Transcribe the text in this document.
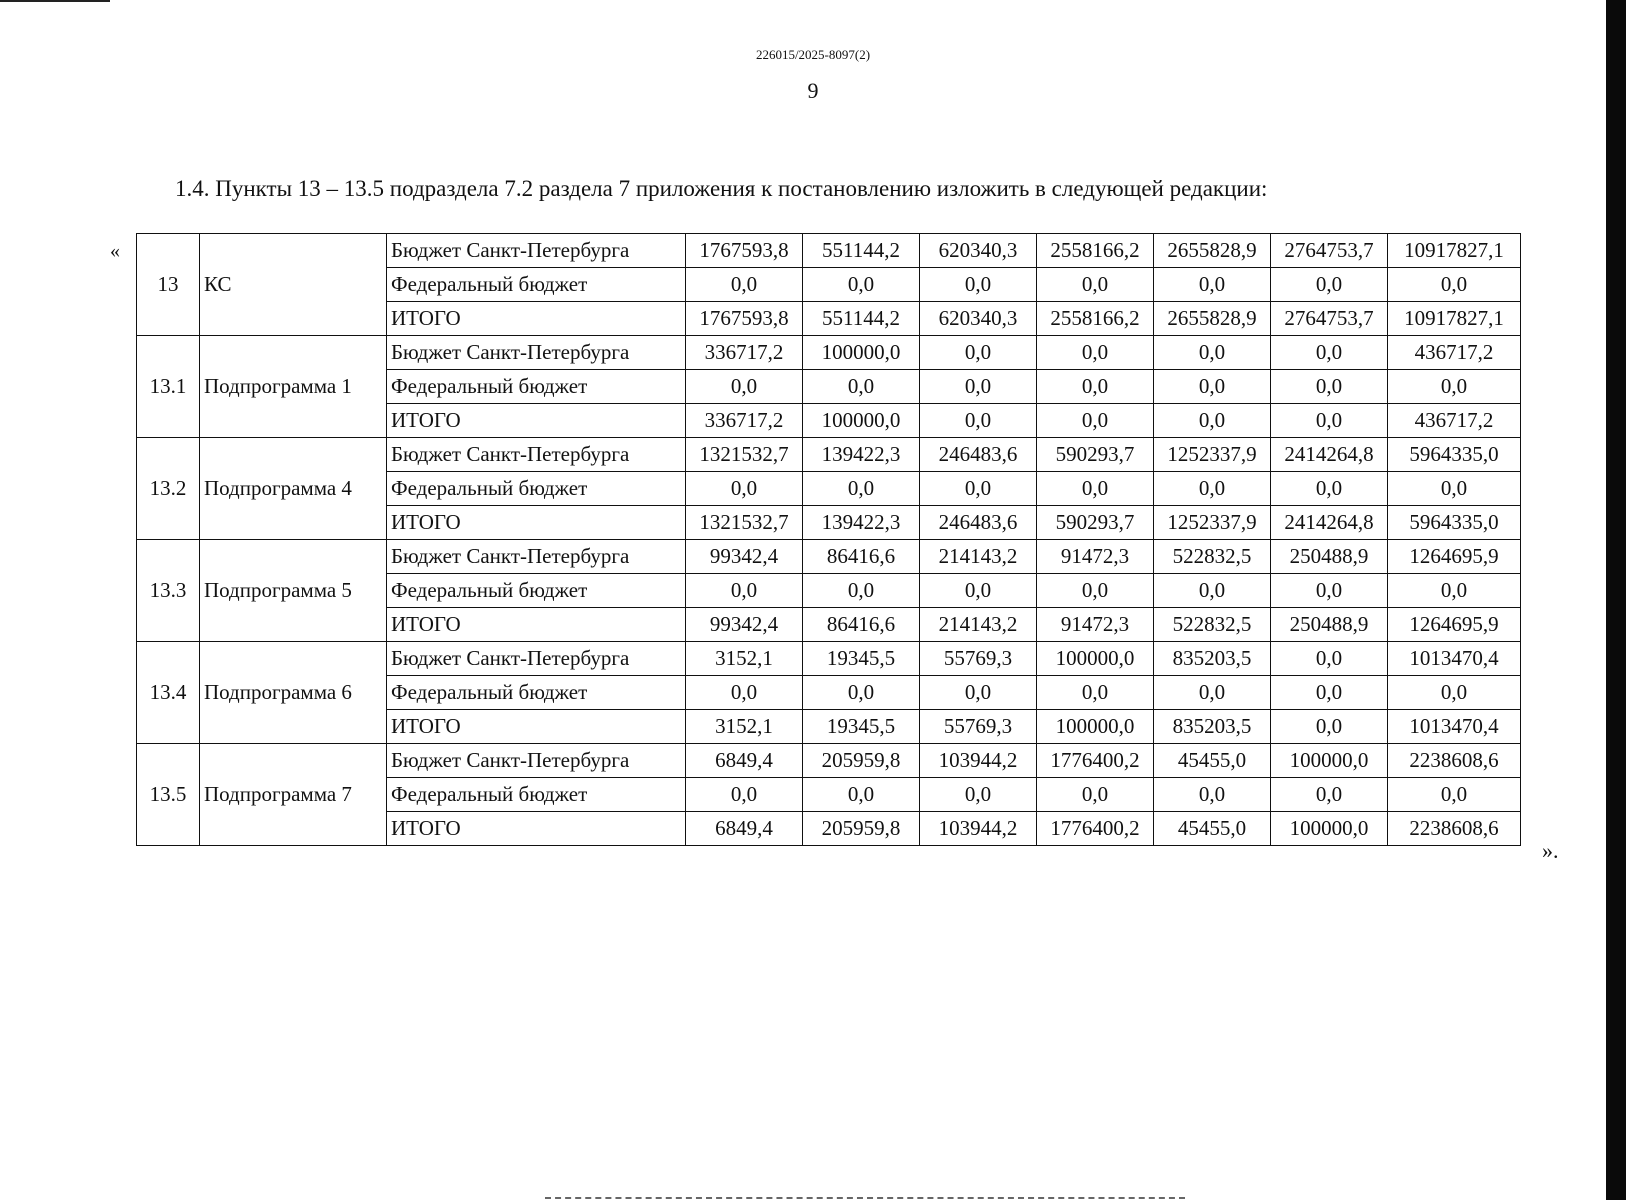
226015/2025-8097(2)
9
1.4. Пункты 13 – 13.5 подраздела 7.2 раздела 7 приложения к постановлению изложить в следующей редакции:
«
».
13	КС	Бюджет Санкт-Петербурга	1767593,8	551144,2	620340,3	2558166,2	2655828,9	2764753,7	10917827,1
		Федеральный бюджет	0,0	0,0	0,0	0,0	0,0	0,0	0,0
		ИТОГО	1767593,8	551144,2	620340,3	2558166,2	2655828,9	2764753,7	10917827,1
13.1	Подпрограмма 1	Бюджет Санкт-Петербурга	336717,2	100000,0	0,0	0,0	0,0	0,0	436717,2
		Федеральный бюджет	0,0	0,0	0,0	0,0	0,0	0,0	0,0
		ИТОГО	336717,2	100000,0	0,0	0,0	0,0	0,0	436717,2
13.2	Подпрограмма 4	Бюджет Санкт-Петербурга	1321532,7	139422,3	246483,6	590293,7	1252337,9	2414264,8	5964335,0
		Федеральный бюджет	0,0	0,0	0,0	0,0	0,0	0,0	0,0
		ИТОГО	1321532,7	139422,3	246483,6	590293,7	1252337,9	2414264,8	5964335,0
13.3	Подпрограмма 5	Бюджет Санкт-Петербурга	99342,4	86416,6	214143,2	91472,3	522832,5	250488,9	1264695,9
		Федеральный бюджет	0,0	0,0	0,0	0,0	0,0	0,0	0,0
		ИТОГО	99342,4	86416,6	214143,2	91472,3	522832,5	250488,9	1264695,9
13.4	Подпрограмма 6	Бюджет Санкт-Петербурга	3152,1	19345,5	55769,3	100000,0	835203,5	0,0	1013470,4
		Федеральный бюджет	0,0	0,0	0,0	0,0	0,0	0,0	0,0
		ИТОГО	3152,1	19345,5	55769,3	100000,0	835203,5	0,0	1013470,4
13.5	Подпрограмма 7	Бюджет Санкт-Петербурга	6849,4	205959,8	103944,2	1776400,2	45455,0	100000,0	2238608,6
		Федеральный бюджет	0,0	0,0	0,0	0,0	0,0	0,0	0,0
		ИТОГО	6849,4	205959,8	103944,2	1776400,2	45455,0	100000,0	2238608,6
